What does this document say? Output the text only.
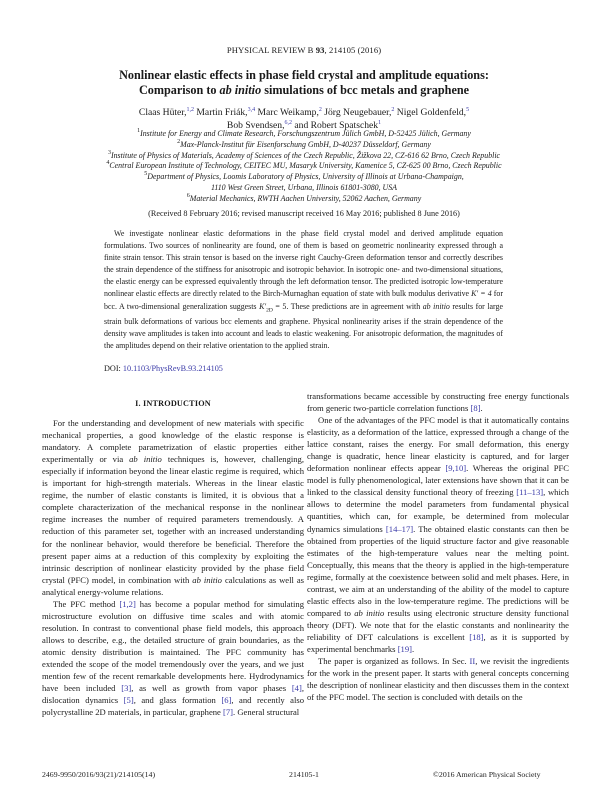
PHYSICAL REVIEW B 93, 214105 (2016)
Nonlinear elastic effects in phase field crystal and amplitude equations:
Comparison to ab initio simulations of bcc metals and graphene
Claas Hüter,$^{1,2}$ Martin Friák,$^{3,4}$ Marc Weikamp,$^2$ Jörg Neugebauer,$^2$ Nigel Goldenfeld,$^5$
Bob Svendsen,$^{6,2}$ and Robert Spatschek$^1$
$^1$Institute for Energy and Climate Research, Forschungszentrum Jülich GmbH, D-52425 Jülich, Germany
$^2$Max-Planck-Institut für Eisenforschung GmbH, D-40237 Düsseldorf, Germany
$^3$Institute of Physics of Materials, Academy of Sciences of the Czech Republic, Žižkova 22, CZ-616 62 Brno, Czech Republic
$^4$Central European Institute of Technology, CEITEC MU, Masaryk University, Kamenice 5, CZ-625 00 Brno, Czech Republic
$^5$Department of Physics, Loomis Laboratory of Physics, University of Illinois at Urbana-Champaign,
1110 West Green Street, Urbana, Illinois 61801-3080, USA
$^6$Material Mechanics, RWTH Aachen University, 52062 Aachen, Germany
(Received 8 February 2016; revised manuscript received 16 May 2016; published 8 June 2016)

We investigate nonlinear elastic deformations in the phase field crystal model and derived amplitude equation formulations. Two sources of nonlinearity are found, one of them is based on geometric nonlinearity expressed through a finite strain tensor. This strain tensor is based on the inverse right Cauchy-Green deformation tensor and correctly describes the strain dependence of the stiffness for anisotropic and isotropic behavior. In isotropic one- and two-dimensional situations, the elastic energy can be expressed equivalently through the left deformation tensor. The predicted isotropic low-temperature nonlinear elastic effects are directly related to the Birch-Murnaghan equation of state with bulk modulus derivative K′ = 4 for bcc. A two-dimensional generalization suggests $K'_{2D} = 5$. These predictions are in agreement with ab initio results for large strain bulk deformations of various bcc elements and graphene. Physical nonlinearity arises if the strain dependence of the density wave amplitudes is taken into account and leads to elastic weakening. For anisotropic deformation, the magnitudes of the amplitudes depend on their relative orientation to the applied strain.

DOI: 10.1103/PhysRevB.93.214105
I. INTRODUCTION

For the understanding and development of new materials with specific mechanical properties, a good knowledge of the elastic response is mandatory. A complete parametrization of elastic properties either experimentally or via ab initio techniques is, however, challenging, especially if information beyond the linear elastic regime is required, which is important for high-strength materials. Whereas in the linear elastic regime, the number of elastic constants is limited, it is obvious that a complete characterization of the mechanical response in the nonlinear regime increases the number of required parameters tremendously. A reduction of this parameter set, together with an increased understanding for the nonlinear behavior, would therefore be beneficial. Therefore the present paper aims at a reduction of this complexity by exploiting the intrinsic description of nonlinear elasticity provided by the phase field crystal (PFC) model, in combination with ab initio calculations as well as analytical energy-volume relations.

The PFC method [1,2] has become a popular method for simulating microstructure evolution on diffusive time scales and with atomic resolution. In contrast to conventional phase field models, this approach allows to describe, e.g., the detailed structure of grain boundaries, as the atomic density distribution is maintained. The PFC community has extended the scope of the model tremendously over the years, and we just mention few of the recent remarkable developments here. Hydrodynamics have been included [3], as well as growth from vapor phases [4], dislocation dynamics [5], and glass formation [6], and recently also polycrystalline 2D materials, in particular, graphene [7]. General structural

transformations became accessible by constructing free energy functionals from generic two-particle correlation functions [8].

One of the advantages of the PFC model is that it automatically contains elasticity, as a deformation of the lattice, expressed through a change of the lattice constant, raises the energy. For small deformation, this energy change is quadratic, hence linear elasticity is captured, and for larger deformation nonlinear effects appear [9,10]. Whereas the original PFC model is fully phenomenological, later extensions have shown that it can be linked to the classical density functional theory of freezing [11–13], which allows to determine the model parameters from fundamental physical quantities, which can, for example, be determined from molecular dynamics simulations [14–17]. The obtained elastic constants can then be obtained from properties of the liquid structure factor and give reasonable estimates of the high-temperature values near the melting point. Conceptually, this means that the theory is applied in the high-temperature regime, formally at the coexistence between solid and melt phases. Here, in contrast, we aim at an understanding of the ability of the model to capture elastic effects also in the low-temperature regime. The predictions will be compared to ab initio results using electronic structure density functional theory (DFT). We note that for the elastic constants and nonlinearity the reliability of DFT calculations is excellent [18], as it is supported by experimental benchmarks [19].

The paper is organized as follows. In Sec. II, we revisit the ingredients for the work in the present paper. It starts with general concepts concerning the description of nonlinear elasticity and then discusses them in the context of the PFC model. The section is concluded with details on the

2469-9950/2016/93(21)/214105(14)	214105-1	©2016 American Physical Society
